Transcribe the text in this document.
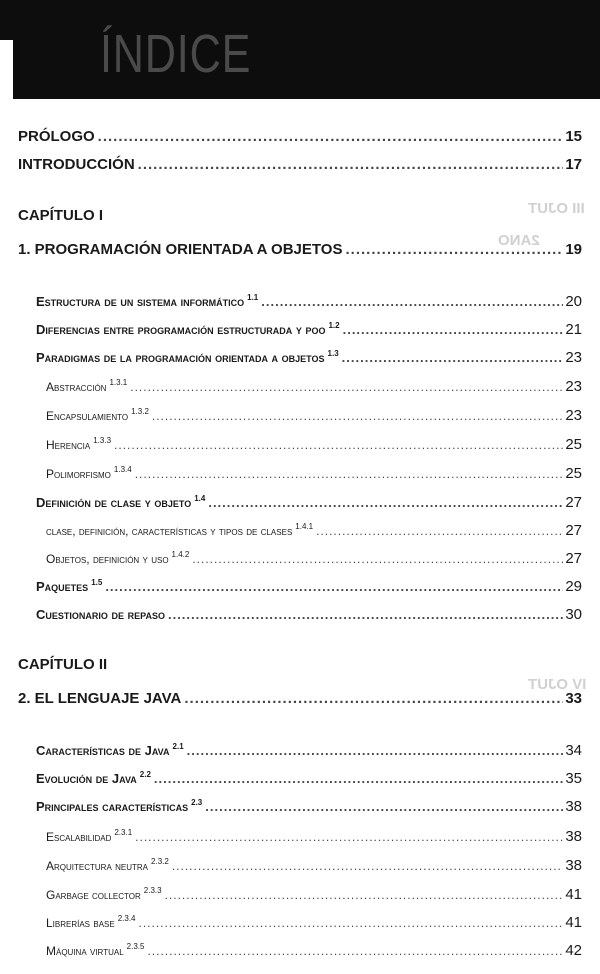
ÍNDICE
III OJUT
2ANO
IV OJUT
PRÓLOGO .....	15
INTRODUCCIÓN .....	17
CAPÍTULO I
1. PROGRAMACIÓN ORIENTADA A OBJETOS .....	19
Estructura de un sistema informático $^{1.1}$ .....	20
Diferencias entre programación estructurada y poo $^{1.2}$ .....	21
Paradigmas de la programación orientada a objetos $^{1.3}$ .....	23
Abstracción $^{1.3.1}$ .....	23
Encapsulamiento $^{1.3.2}$ .....	23
Herencia $^{1.3.3}$ .....	25
Polimorfismo $^{1.3.4}$ .....	25
Definición de clase y objeto $^{1.4}$ .....	27
clase, definición, características y tipos de clases $^{1.4.1}$ .....	27
Objetos, definición y uso $^{1.4.2}$ .....	27
Paquetes $^{1.5}$ .....	29
Cuestionario de repaso .....	30
CAPÍTULO II
2. EL LENGUAJE JAVA .....	33
Características de Java $^{2.1}$ .....	34
Evolución de Java $^{2.2}$ .....	35
Principales características $^{2.3}$ .....	38
Escalabilidad $^{2.3.1}$ .....	38
Arquitectura neutra $^{2.3.2}$ .....	38
Garbage collector $^{2.3.3}$ .....	41
Librerías base $^{2.3.4}$ .....	41
Máquina virtual $^{2.3.5}$ .....	42
